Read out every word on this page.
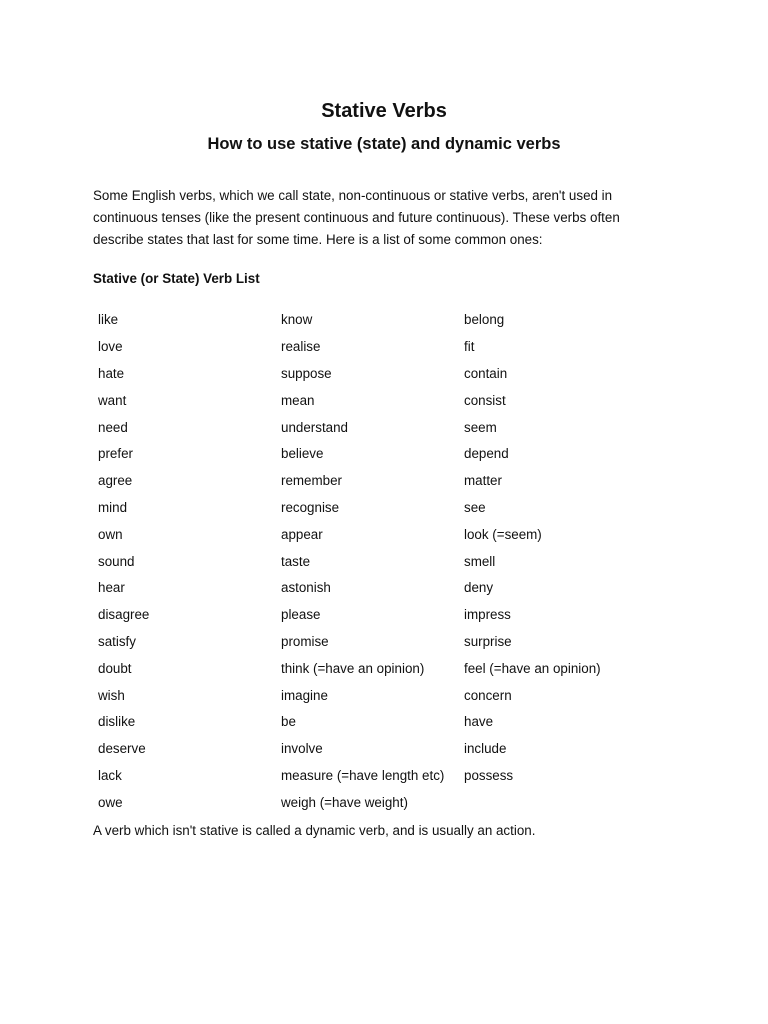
Stative Verbs
How to use stative (state) and dynamic verbs

Some English verbs, which we call state, non-continuous or stative verbs, aren't used in
continuous tenses (like the present continuous and future continuous). These verbs often
describe states that last for some time. Here is a list of some common ones:

Stative (or State) Verb List

like	know	belong
love	realise	fit
hate	suppose	contain
want	mean	consist
need	understand	seem
prefer	believe	depend
agree	remember	matter
mind	recognise	see
own	appear	look (=seem)
sound	taste	smell
hear	astonish	deny
disagree	please	impress
satisfy	promise	surprise
doubt	think (=have an opinion)	feel (=have an opinion)
wish	imagine	concern
dislike	be	have
deserve	involve	include
lack	measure (=have length etc)	possess
owe	weigh (=have weight)

A verb which isn't stative is called a dynamic verb, and is usually an action.
